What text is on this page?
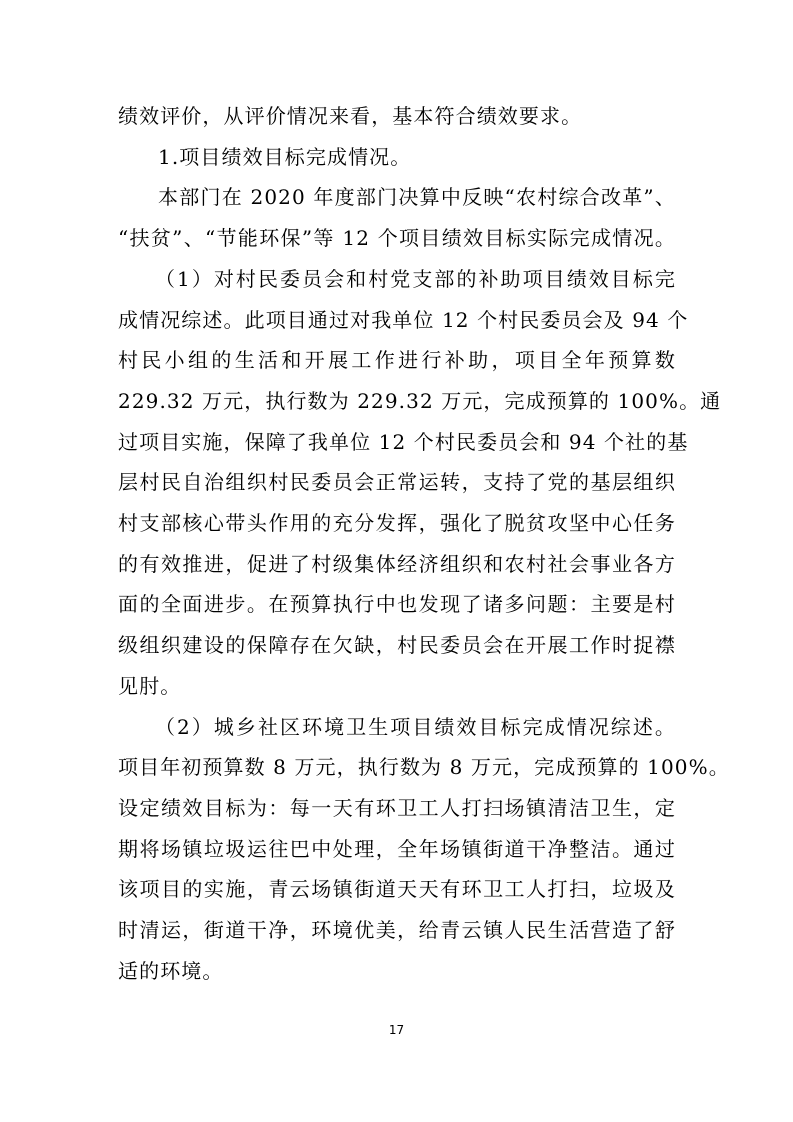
绩效评价，从评价情况来看，基本符合绩效要求。
1.项目绩效目标完成情况。
本部门在 2020 年度部门决算中反映“农村综合改革”、
“扶贫”、“节能环保”等 12 个项目绩效目标实际完成情况。
（1）对村民委员会和村党支部的补助项目绩效目标完
成情况综述。此项目通过对我单位 12 个村民委员会及 94 个
村民小组的生活和开展工作进行补助，项目全年预算数
229.32 万元，执行数为 229.32 万元，完成预算的 100%。通
过项目实施，保障了我单位 12 个村民委员会和 94 个社的基
层村民自治组织村民委员会正常运转，支持了党的基层组织
村支部核心带头作用的充分发挥，强化了脱贫攻坚中心任务
的有效推进，促进了村级集体经济组织和农村社会事业各方
面的全面进步。在预算执行中也发现了诸多问题：主要是村
级组织建设的保障存在欠缺，村民委员会在开展工作时捉襟
见肘。
（2）城乡社区环境卫生项目绩效目标完成情况综述。
项目年初预算数 8 万元，执行数为 8 万元，完成预算的 100%。
设定绩效目标为：每一天有环卫工人打扫场镇清洁卫生，定
期将场镇垃圾运往巴中处理，全年场镇街道干净整洁。通过
该项目的实施，青云场镇街道天天有环卫工人打扫，垃圾及
时清运，街道干净，环境优美，给青云镇人民生活营造了舒
适的环境。
17
